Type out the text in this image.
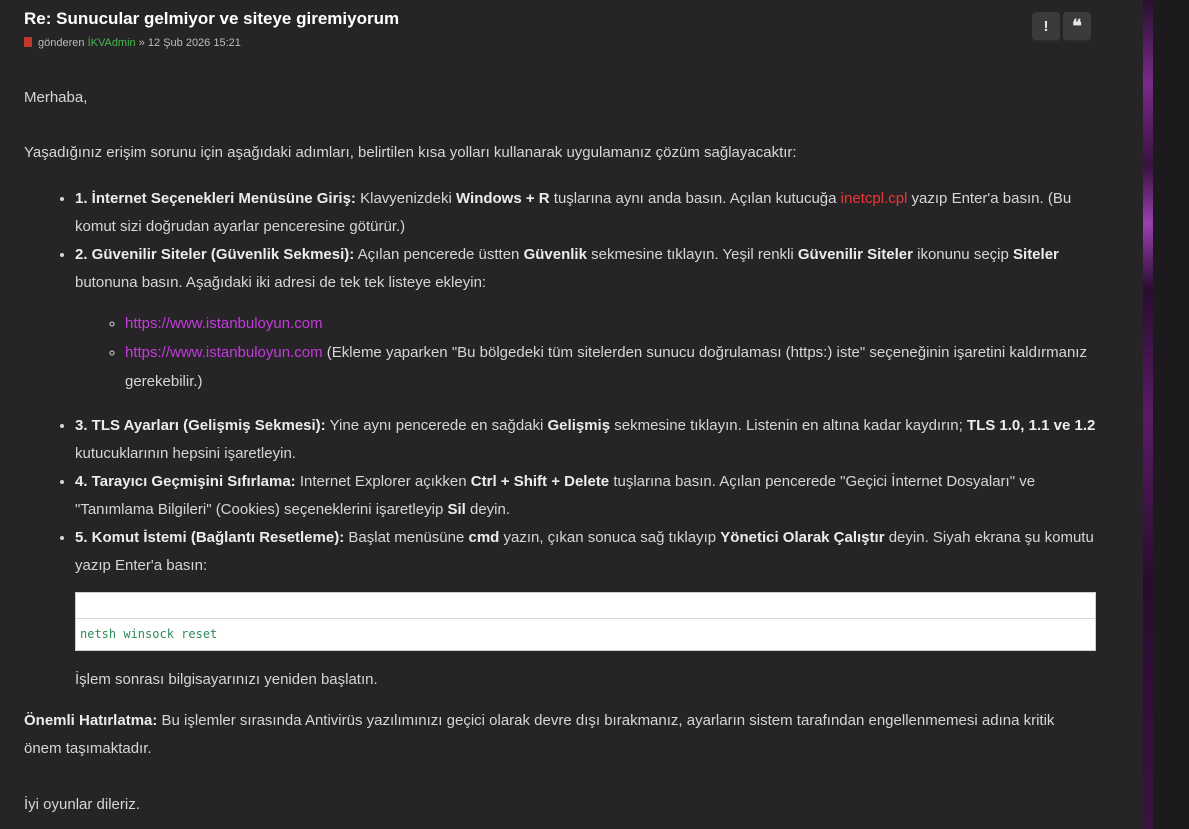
Re: Sunucular gelmiyor ve siteye giremiyorum
gönderen İKVAdmin » 12 Şub 2026 15:21
!	❝

Merhaba,

Yaşadığınız erişim sorunu için aşağıdaki adımları, belirtilen kısa yolları kullanarak uygulamanız çözüm sağlayacaktır:

• 1. İnternet Seçenekleri Menüsüne Giriş: Klavyenizdeki Windows + R tuşlarına aynı anda basın. Açılan kutucuğa inetcpl.cpl yazıp Enter'a basın. (Bu komut sizi doğrudan ayarlar penceresine götürür.)
• 2. Güvenilir Siteler (Güvenlik Sekmesi): Açılan pencerede üstten Güvenlik sekmesine tıklayın. Yeşil renkli Güvenilir Siteler ikonunu seçip Siteler butonuna basın. Aşağıdaki iki adresi de tek tek listeye ekleyin:
◦ https://www.istanbuloyun.com
◦ https://www.istanbuloyun.com (Ekleme yaparken "Bu bölgedeki tüm sitelerden sunucu doğrulaması (https:) iste" seçeneğinin işaretini kaldırmanız gerekebilir.)
• 3. TLS Ayarları (Gelişmiş Sekmesi): Yine aynı pencerede en sağdaki Gelişmiş sekmesine tıklayın. Listenin en altına kadar kaydırın; TLS 1.0, 1.1 ve 1.2 kutucuklarının hepsini işaretleyin.
• 4. Tarayıcı Geçmişini Sıfırlama: Internet Explorer açıkken Ctrl + Shift + Delete tuşlarına basın. Açılan pencerede "Geçici İnternet Dosyaları" ve "Tanımlama Bilgileri" (Cookies) seçeneklerini işaretleyip Sil deyin.
• 5. Komut İstemi (Bağlantı Resetleme): Başlat menüsüne cmd yazın, çıkan sonuca sağ tıklayıp Yönetici Olarak Çalıştır deyin. Siyah ekrana şu komutu yazıp Enter'a basın:
netsh winsock reset

İşlem sonrası bilgisayarınızı yeniden başlatın.

Önemli Hatırlatma: Bu işlemler sırasında Antivirüs yazılımınızı geçici olarak devre dışı bırakmanız, ayarların sistem tarafından engellenmemesi adına kritik önem taşımaktadır.

İyi oyunlar dileriz.
